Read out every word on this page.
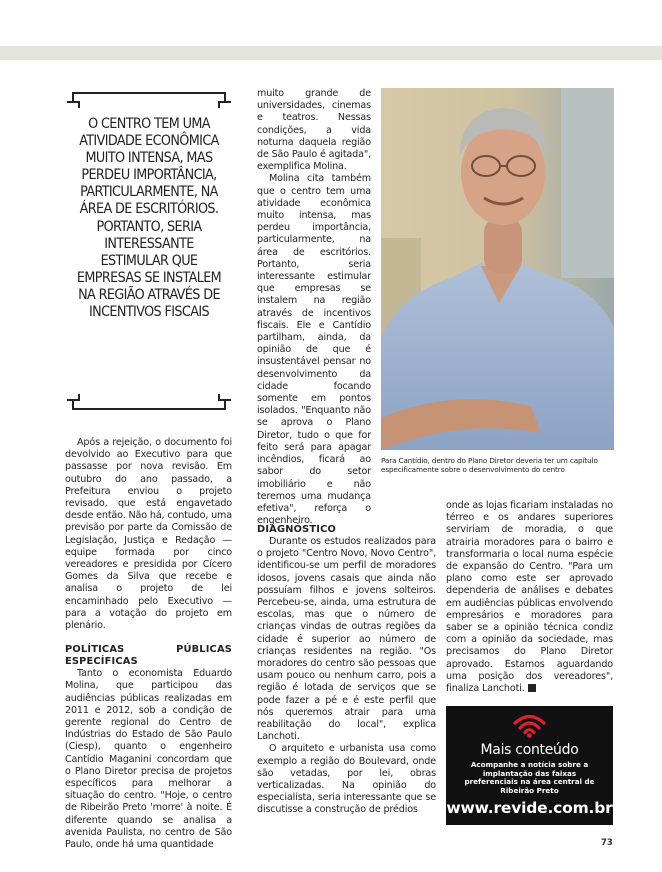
O CENTRO TEM UMA ATIVIDADE ECONÔMICA MUITO INTENSA, MAS PERDEU IMPORTÂNCIA, PARTICULARMENTE, NA ÁREA DE ESCRITÓRIOS. PORTANTO, SERIA INTERESSANTE ESTIMULAR QUE EMPRESAS SE INSTALEM NA REGIÃO ATRAVÉS DE INCENTIVOS FISCAIS

Após a rejeição, o documento foi devolvido ao Executivo para que passasse por nova revisão. Em outubro do ano passado, a Prefeitura enviou o projeto revisado, que está engavetado desde então. Não há, contudo, uma previsão por parte da Comissão de Legislação, Justiça e Redação — equipe formada por cinco vereadores e presidida por Cícero Gomes da Silva que recebe e analisa o projeto de lei encaminhado pelo Executivo — para a votação do projeto em plenário.

POLÍTICAS PÚBLICAS ESPECÍFICAS

Tanto o economista Eduardo Molina, que participou das audiências públicas realizadas em 2011 e 2012, sob a condição de gerente regional do Centro de Indústrias do Estado de São Paulo (Ciesp), quanto o engenheiro Cantídio Maganini concordam que o Plano Diretor precisa de projetos específicos para melhorar a situação do centro. "Hoje, o centro de Ribeirão Preto 'morre' à noite. É diferente quando se analisa a avenida Paulista, no centro de São Paulo, onde há uma quantidade

muito grande de universidades, cinemas e teatros. Nessas condições, a vida noturna daquela região de São Paulo é agitada", exemplifica Molina.

Molina cita também que o centro tem uma atividade econômica muito intensa, mas perdeu importância, particularmente, na área de escritórios. Portanto, seria interessante estimular que empresas se instalem na região através de incentivos fiscais. Ele e Cantídio partilham, ainda, da opinião de que é insustentável pensar no desenvolvimento da cidade focando somente em pontos isolados. "Enquanto não se aprova o Plano Diretor, tudo o que for feito será para apagar incêndios, ficará ao sabor do setor imobiliário e não teremos uma mudança efetiva", reforça o engenheiro.

Para Cantídio, dentro do Plano Diretor deveria ter um capítulo especificamente sobre o desenvolvimento do centro
DIAGNÓSTICO

Durante os estudos realizados para o projeto "Centro Novo, Novo Centro", identificou-se um perfil de moradores idosos, jovens casais que ainda não possuíam filhos e jovens solteiros. Percebeu-se, ainda, uma estrutura de escolas, mas que o número de crianças vindas de outras regiões da cidade é superior ao número de crianças residentes na região. "Os moradores do centro são pessoas que usam pouco ou nenhum carro, pois a região é lotada de serviços que se pode fazer a pé e é este perfil que nós queremos atrair para uma reabilitação do local", explica Lanchoti.

O arquiteto e urbanista usa como exemplo a região do Boulevard, onde são vetadas, por lei, obras verticalizadas. Na opinião do especialista, seria interessante que se discutisse a construção de prédios

onde as lojas ficariam instaladas no térreo e os andares superiores serviriam de moradia, o que atrairia moradores para o bairro e transformaria o local numa espécie de expansão do Centro. "Para um plano como este ser aprovado dependeria de análises e debates em audiências públicas envolvendo empresários e moradores para saber se a opinião técnica condiz com a opinião da sociedade, mas precisamos do Plano Diretor aprovado. Estamos aguardando uma posição dos vereadores", finaliza Lanchoti.

Mais conteúdo
Acompanhe a notícia sobre a implantação das faixas preferenciais na área central de Ribeirão Preto
www.revide.com.br
73
